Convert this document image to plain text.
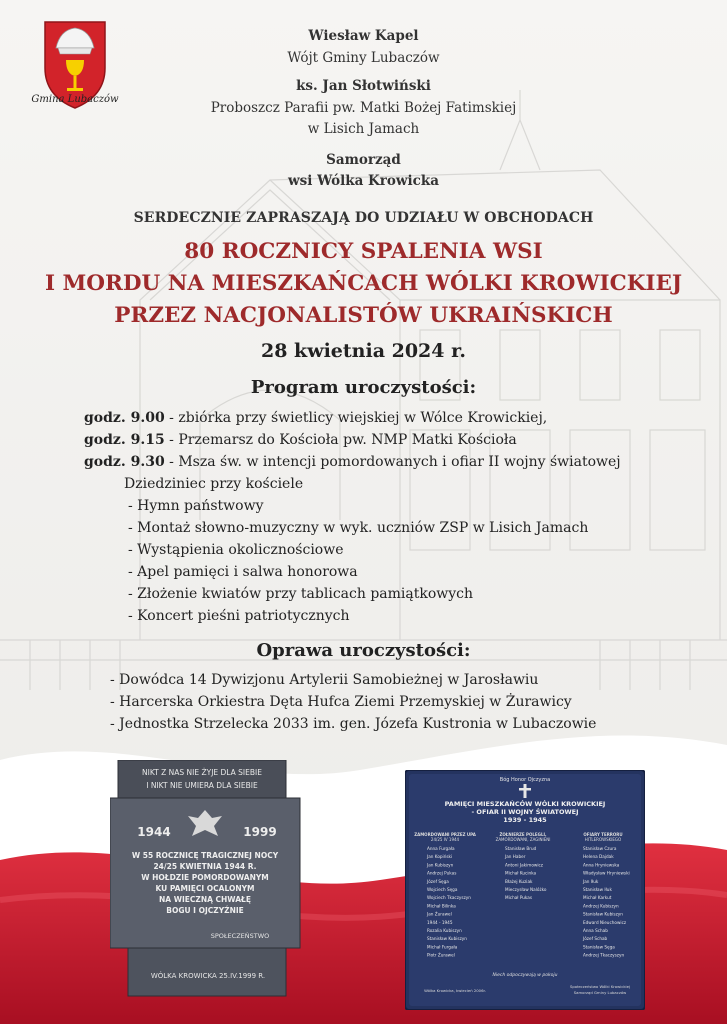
Gmina Lubaczów
Wiesław Kapel
Wójt Gminy Lubaczów
ks. Jan Słotwiński
Proboszcz Parafii pw. Matki Bożej Fatimskiej
w Lisich Jamach
Samorząd
wsi Wólka Krowicka
SERDECZNIE ZAPRASZAJĄ DO UDZIAŁU W OBCHODACH
80 ROCZNICY SPALENIA WSI
I MORDU NA MIESZKAŃCACH WÓLKI KROWICKIEJ
PRZEZ NACJONALISTÓW UKRAIŃSKICH
28 kwietnia 2024 r.
Program uroczystości:
godz. 9.00 - zbiórka przy świetlicy wiejskiej w Wólce Krowickiej,
godz. 9.15 - Przemarsz do Kościoła pw. NMP Matki Kościoła
godz. 9.30 - Msza św. w intencji pomordowanych i ofiar II wojny światowej
Dziedziniec przy kościele
- Hymn państwowy
- Montaż słowno-muzyczny w wyk. uczniów ZSP w Lisich Jamach
- Wystąpienia okolicznościowe
- Apel pamięci i salwa honorowa
- Złożenie kwiatów przy tablicach pamiątkowych
- Koncert pieśni patriotycznych
Oprawa uroczystości:
- Dowódca 14 Dywizjonu Artylerii Samobieżnej w Jarosławiu
- Harcerska Orkiestra Dęta Hufca Ziemi Przemyskiej w Żurawicy
- Jednostka Strzelecka 2033 im. gen. Józefa Kustronia w Lubaczowie
NIKT Z NAS NIE ŻYJE DLA SIEBIE
I NIKT NIE UMIERA DLA SIEBIE
1944	1999
W 55 ROCZNICĘ TRAGICZNEJ NOCY
24/25 KWIETNIA 1944 R.
W HOŁDZIE POMORDOWANYM
KU PAMIĘCI OCALONYM
NA WIECZNĄ CHWAŁĘ
BOGU I OJCZYŹNIE
SPOŁECZEŃSTWO
WÓLKA KROWICKA 25.IV.1999 R.
Bóg Honor Ojczyzna
PAMIĘCI MIESZKAŃCÓW WÓLKI KROWICKIEJ
- OFIAR II WOJNY ŚWIATOWEJ
1939 - 1945
ZAMORDOWANI PRZEZ UPA
24/25 IV 1944
ŻOŁNIERZE POLEGLI,
ZAMORDOWANI, ZAGINIENI
OFIARY TERRORU
HITLEROWSKIEGO
Anna Furgała
Jan Kopiński
Jan Kubiszyn
Andrzej Pukas
Józef Sęga
Wojciech Sęga
Wojciech Tkaczyszyn
Michał Bilinka
Jan Żurawel
1944 - 1945
Rozalia Kubiszyn
Stanisław Kubiszyn
Michał Furgała
Piotr Żurawel
Stanisław Brud
Jan Haber
Antoni Jakimowicz
Michał Kucinka
Błażej Kuziak
Mieczysław Nalóżko
Michał Pukas
Stanisław Czura
Helena Dajdak
Anna Hryniewska
Władysław Hryniewski
Jan Iłuk
Stanisław Iłuk
Michał Karkut
Andrzej Kubiszyn
Stanisław Kubiszyn
Edward Nieuchowicz
Anna Schab
Józef Schab
Stanisław Sęga
Andrzej Tkaczyszyn
Niech odpoczywają w pokoju
Wólka Krowicka, kwiecień 2006r.
Społeczeństwo Wólki Krowickiej
Samorząd Gminy Lubaczów
